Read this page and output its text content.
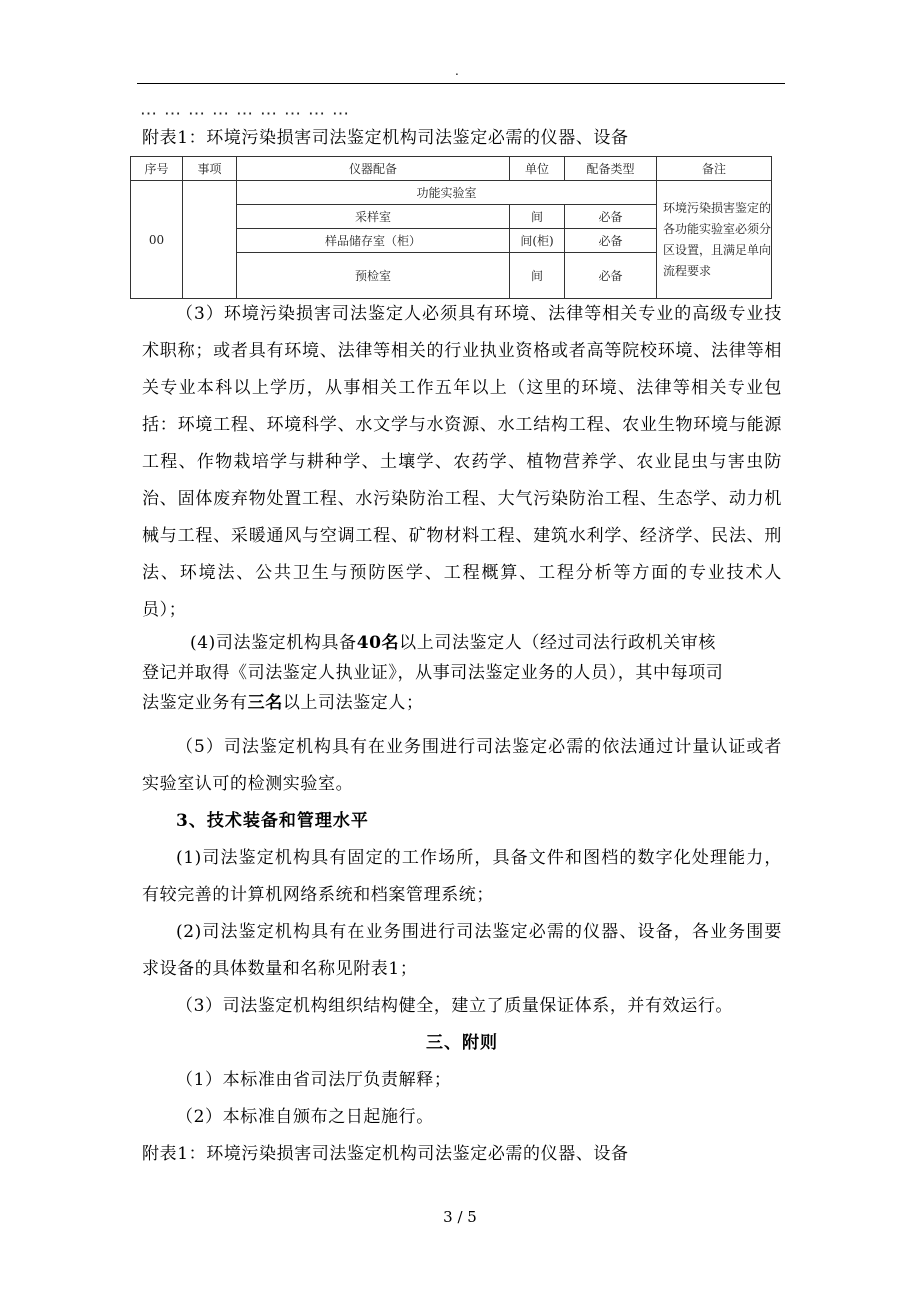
.
⋯⋯⋯⋯⋯⋯⋯⋯⋯
附表1：环境污染损害司法鉴定机构司法鉴定必需的仪器、设备
序号	事项	仪器配备	单位	配备类型	备注
00		功能实验室			环境污染损害鉴定的各功能实验室必须分区设置，且满足单向流程要求
		采样室	间	必备	
		样品储存室（柜）	间(柜)	必备	
		预检室	间	必备	

（3）环境污染损害司法鉴定人必须具有环境、法律等相关专业的高级专业技术职称；或者具有环境、法律等相关的行业执业资格或者高等院校环境、法律等相关专业本科以上学历，从事相关工作五年以上（这里的环境、法律等相关专业包括：环境工程、环境科学、水文学与水资源、水工结构工程、农业生物环境与能源工程、作物栽培学与耕种学、土壤学、农药学、植物营养学、农业昆虫与害虫防治、固体废弃物处置工程、水污染防治工程、大气污染防治工程、生态学、动力机械与工程、采暖通风与空调工程、矿物材料工程、建筑水利学、经济学、民法、刑法、环境法、公共卫生与预防医学、工程概算、工程分析等方面的专业技术人员）；

(4)司法鉴定机构具备40名以上司法鉴定人（经过司法行政机关审核
登记并取得《司法鉴定人执业证》，从事司法鉴定业务的人员），其中每项司
法鉴定业务有三名以上司法鉴定人；

（5）司法鉴定机构具有在业务围进行司法鉴定必需的依法通过计量认证或者实验室认可的检测实验室。

3、技术装备和管理水平

(1)司法鉴定机构具有固定的工作场所，具备文件和图档的数字化处理能力，有较完善的计算机网络系统和档案管理系统；

(2)司法鉴定机构具有在业务围进行司法鉴定必需的仪器、设备，各业务围要求设备的具体数量和名称见附表1；

（3）司法鉴定机构组织结构健全，建立了质量保证体系，并有效运行。

三、附则

（1）本标准由省司法厅负责解释；

（2）本标准自颁布之日起施行。

附表1：环境污染损害司法鉴定机构司法鉴定必需的仪器、设备

3 / 5
